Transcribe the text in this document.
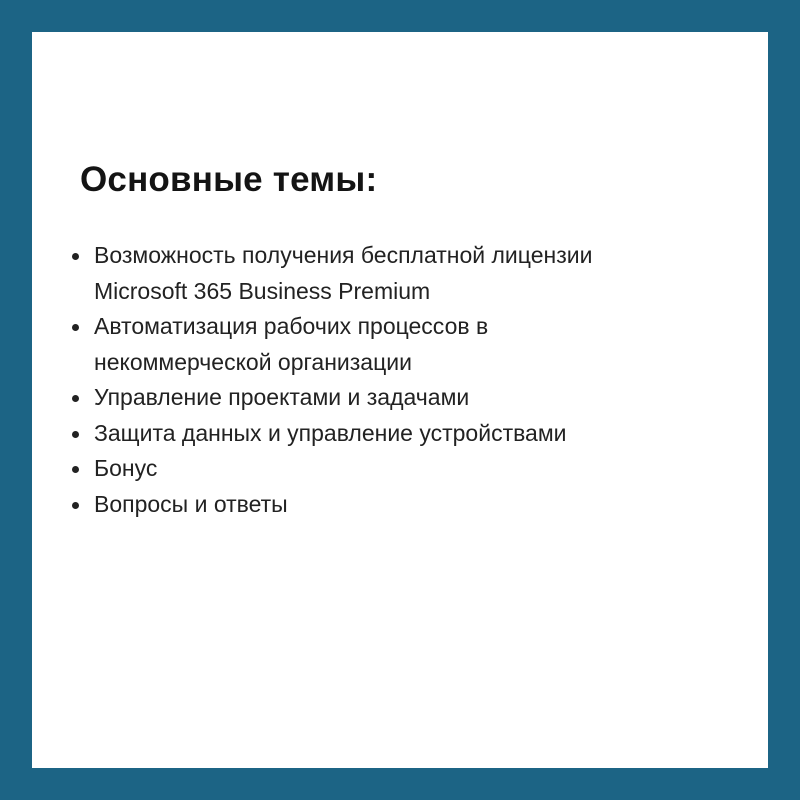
Основные темы:
Возможность получения бесплатной лицензии
Microsoft 365 Business Premium
Автоматизация рабочих процессов в
некоммерческой организации
Управление проектами и задачами
Защита данных и управление устройствами
Бонус
Вопросы и ответы
